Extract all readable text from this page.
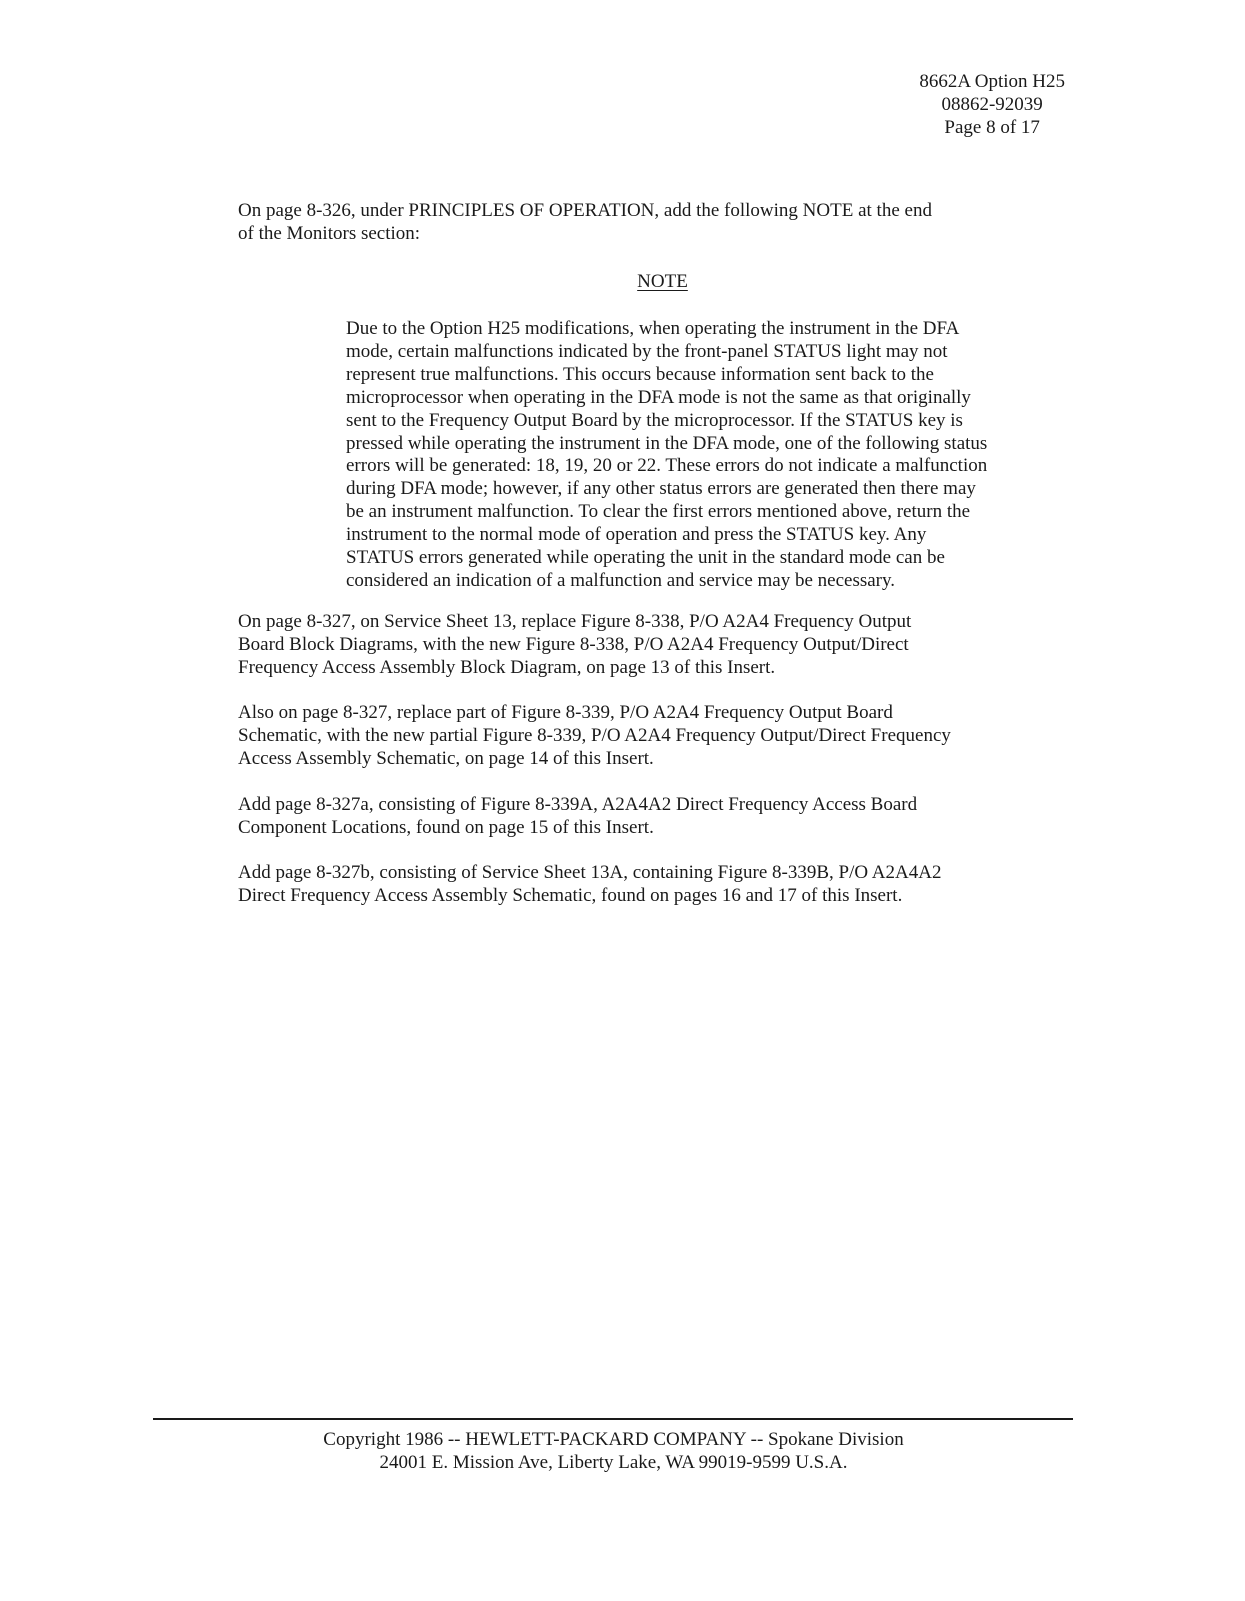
8662A Option H25
08862-92039
Page 8 of 17
On page 8-326, under PRINCIPLES OF OPERATION, add the following NOTE at the end
of the Monitors section:
NOTE
Due to the Option H25 modifications, when operating the instrument in the DFA
mode, certain malfunctions indicated by the front-panel STATUS light may not
represent true malfunctions. This occurs because information sent back to the
microprocessor when operating in the DFA mode is not the same as that originally
sent to the Frequency Output Board by the microprocessor. If the STATUS key is
pressed while operating the instrument in the DFA mode, one of the following status
errors will be generated: 18, 19, 20 or 22. These errors do not indicate a malfunction
during DFA mode; however, if any other status errors are generated then there may
be an instrument malfunction. To clear the first errors mentioned above, return the
instrument to the normal mode of operation and press the STATUS key. Any
STATUS errors generated while operating the unit in the standard mode can be
considered an indication of a malfunction and service may be necessary.
On page 8-327, on Service Sheet 13, replace Figure 8-338, P/O A2A4 Frequency Output
Board Block Diagrams, with the new Figure 8-338, P/O A2A4 Frequency Output/Direct
Frequency Access Assembly Block Diagram, on page 13 of this Insert.
Also on page 8-327, replace part of Figure 8-339, P/O A2A4 Frequency Output Board
Schematic, with the new partial Figure 8-339, P/O A2A4 Frequency Output/Direct Frequency
Access Assembly Schematic, on page 14 of this Insert.
Add page 8-327a, consisting of Figure 8-339A, A2A4A2 Direct Frequency Access Board
Component Locations, found on page 15 of this Insert.
Add page 8-327b, consisting of Service Sheet 13A, containing Figure 8-339B, P/O A2A4A2
Direct Frequency Access Assembly Schematic, found on pages 16 and 17 of this Insert.
Copyright 1986 -- HEWLETT-PACKARD COMPANY -- Spokane Division
24001 E. Mission Ave, Liberty Lake, WA 99019-9599 U.S.A.
